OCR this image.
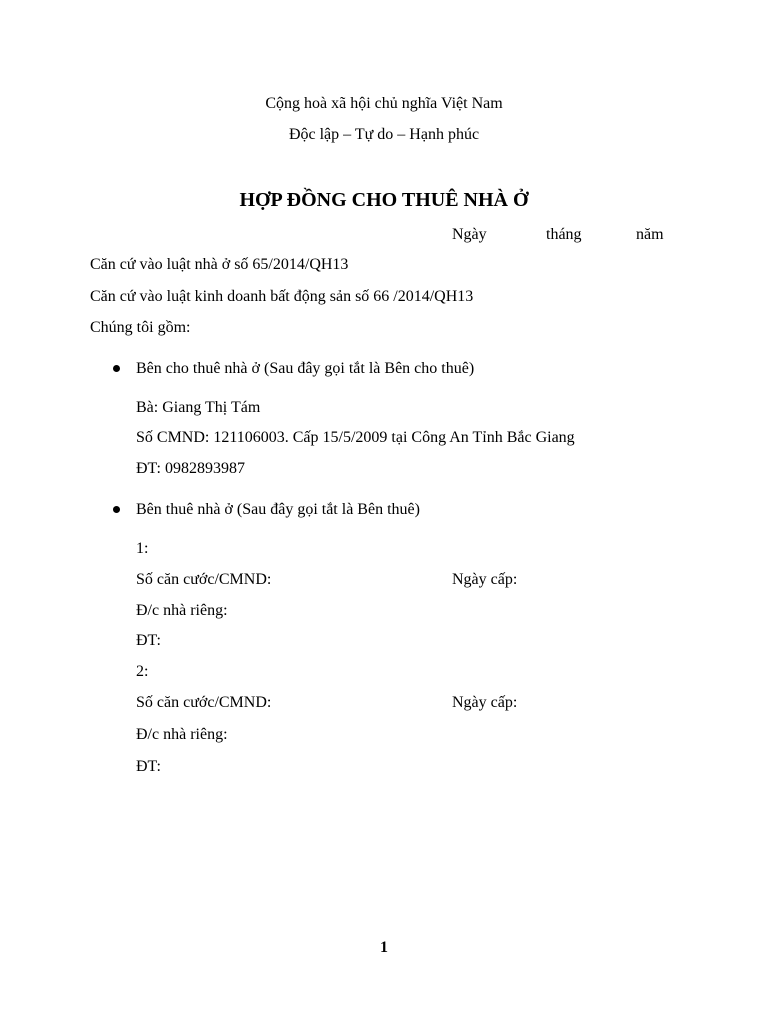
Cộng hoà xã hội chủ nghĩa Việt Nam
Độc lập – Tự do – Hạnh phúc
HỢP ĐỒNG CHO THUÊ NHÀ Ở
Ngày	tháng	năm
Căn cứ vào luật nhà ở số 65/2014/QH13
Căn cứ vào luật kinh doanh bất động sản số 66 /2014/QH13
Chúng tôi gồm:
Bên cho thuê nhà ở (Sau đây gọi tắt là Bên cho thuê)
Bà: Giang Thị Tám
Số CMND: 121106003. Cấp 15/5/2009 tại Công An Tỉnh Bắc Giang
ĐT: 0982893987
Bên thuê nhà ở (Sau đây gọi tắt là Bên thuê)
1:
Số căn cước/CMND:	Ngày cấp:
Đ/c nhà riêng:
ĐT:
2:
Số căn cước/CMND:	Ngày cấp:
Đ/c nhà riêng:
ĐT:
1
